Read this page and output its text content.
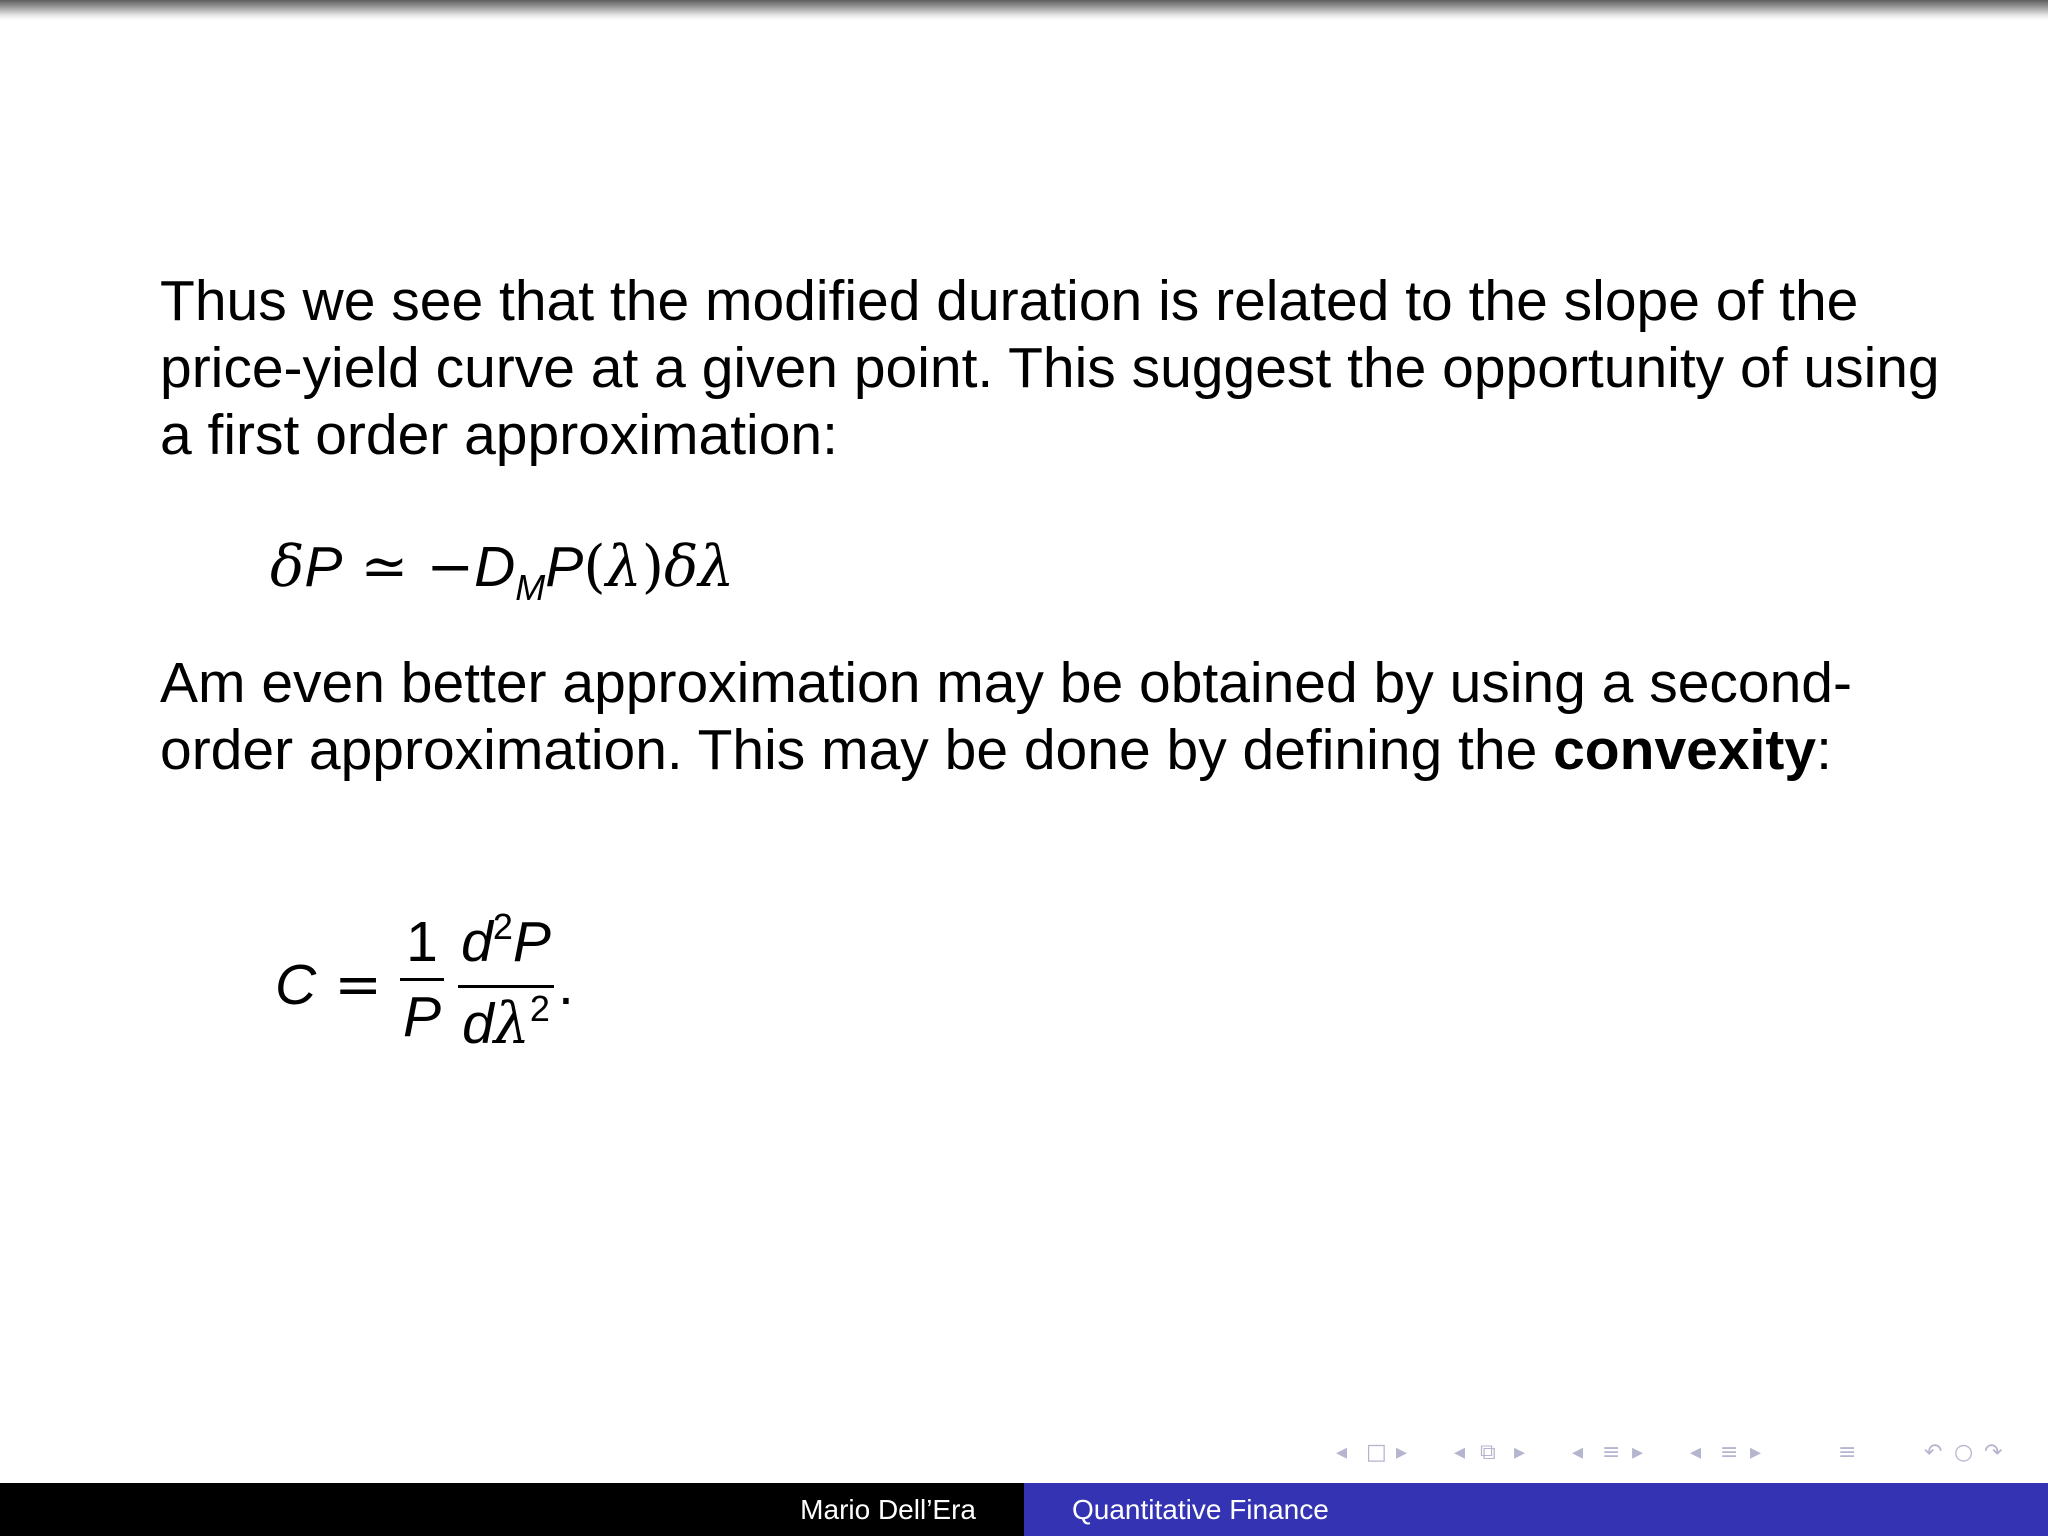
Thus we see that the modified duration is related to the slope of the price-yield curve at a given point. This suggest the opportunity of using a first order approximation:

δP ≃ $-D_MP(\lambda)\delta\lambda$

Am even better approximation may be obtained by using a second-order approximation. This may be done by defining the convexity:

C =
1
P
$d^2P$
$d\lambda^2$ .
◂ □ ▸ ◂ ⧉ ▸ ◂ ≡ ▸ ◂ ≡ ▸	≡	↶ ○ ↷
Mario Dell’Era	Quantitative Finance
